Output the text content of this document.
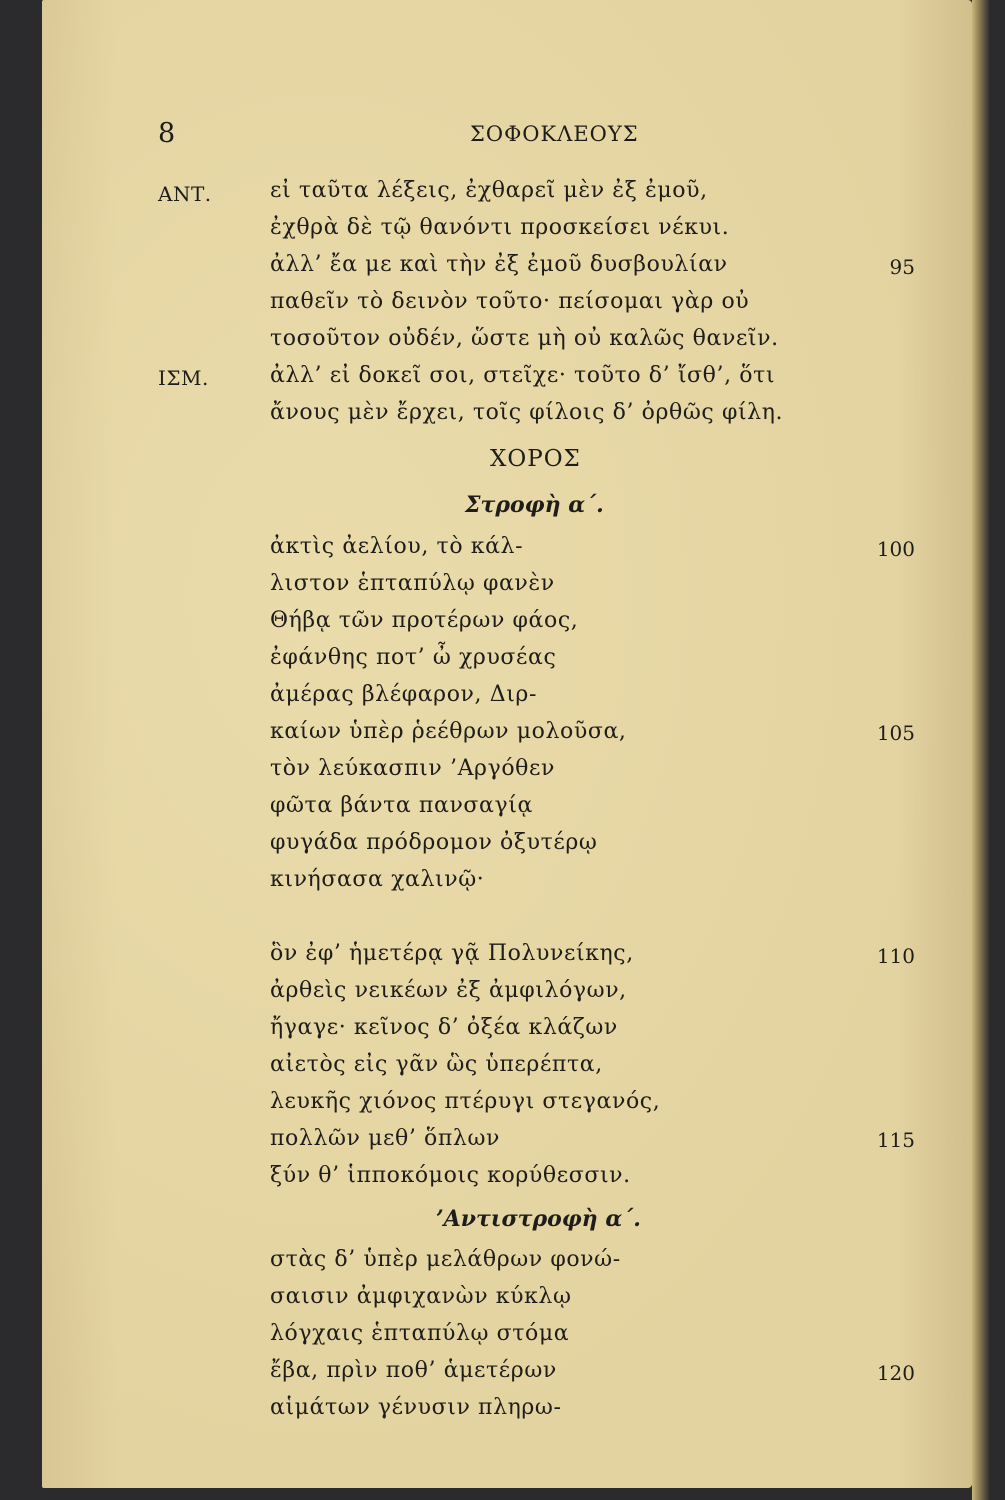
8	ΣΟΦΟΚΛΕΟΥΣ
ΑΝΤ.
ΙΣΜ.
εἰ ταῦτα λέξεις, ἐχθαρεῖ μὲν ἐξ ἐμοῦ,
ἐχθρὰ δὲ τῷ θανόντι προσκείσει νέκυι.
ἀλλ’ ἔα με καὶ τὴν ἐξ ἐμοῦ δυσβουλίαν
παθεῖν τὸ δεινὸν τοῦτο· πείσομαι γὰρ οὐ
τοσοῦτον οὐδέν, ὥστε μὴ οὐ καλῶς θανεῖν.
ἀλλ’ εἰ δοκεῖ σοι, στεῖχε· τοῦτο δ’ ἴσθ’, ὅτι
ἄνους μὲν ἔρχει, τοῖς φίλοις δ’ ὀρθῶς φίλη.
ΧΟΡΟΣ
Στροφὴ α΄.
ἀκτὶς ἀελίου, τὸ κάλ-
λιστον ἑπταπύλῳ φανὲν
Θήβᾳ τῶν προτέρων φάος,
ἐφάνθης ποτ’ ὦ χρυσέας
ἀμέρας βλέφαρον, Διρ-
καίων ὑπὲρ ῥεέθρων μολοῦσα,
τὸν λεύκασπιν ’Αργόθεν
φῶτα βάντα πανσαγίᾳ
φυγάδα πρόδρομον ὀξυτέρῳ
κινήσασα χαλινῷ·
ὃν ἐφ’ ἡμετέρᾳ γᾷ Πολυνείκης,
ἀρθεὶς νεικέων ἐξ ἀμφιλόγων,
ἤγαγε· κεῖνος δ’ ὀξέα κλάζων
αἰετὸς εἰς γᾶν ὣς ὑπερέπτα,
λευκῆς χιόνος πτέρυγι στεγανός,
πολλῶν μεθ’ ὅπλων
ξύν θ’ ἱπποκόμοις κορύθεσσιν.
’Αντιστροφὴ α΄.
στὰς δ’ ὑπὲρ μελάθρων φονώ-
σαισιν ἀμφιχανὼν κύκλῳ
λόγχαις ἑπταπύλῳ στόμα
ἔβα, πρὶν ποθ’ ἁμετέρων
αἱμάτων γένυσιν πληρω-
95
100
105
110
115
120
